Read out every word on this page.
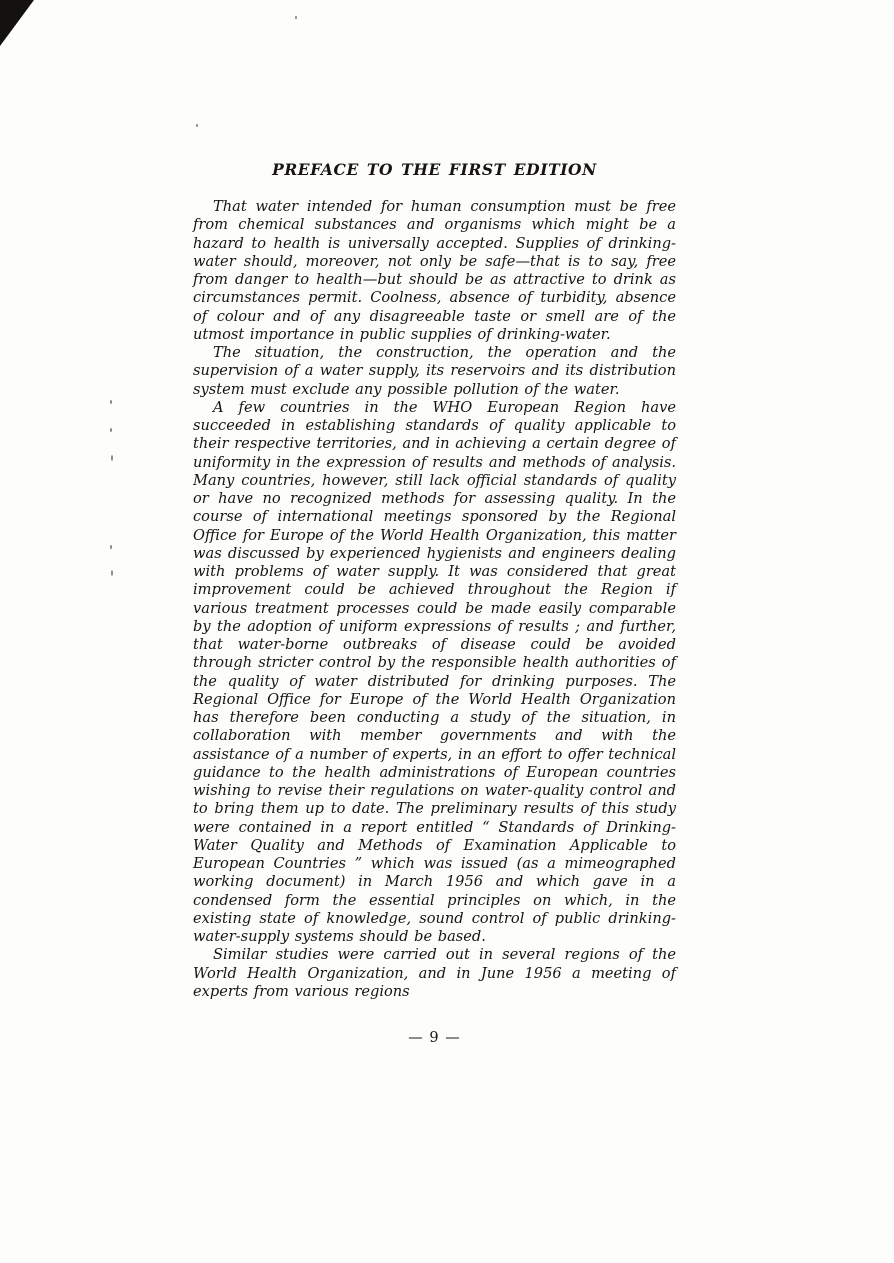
PREFACE TO THE FIRST EDITION

That water intended for human consumption must be free from chemical substances and organisms which might be a hazard to health is universally accepted. Supplies of drinking-water should, moreover, not only be safe—that is to say, free from danger to health—but should be as attractive to drink as circumstances permit. Coolness, absence of turbidity, absence of colour and of any disagreeable taste or smell are of the utmost importance in public supplies of drinking-water.

The situation, the construction, the operation and the supervision of a water supply, its reservoirs and its distribution system must exclude any possible pollution of the water.

A few countries in the WHO European Region have succeeded in establishing standards of quality applicable to their respective territories, and in achieving a certain degree of uniformity in the expression of results and methods of analysis. Many countries, however, still lack official standards of quality or have no recognized methods for assessing quality. In the course of international meetings sponsored by the Regional Office for Europe of the World Health Organization, this matter was discussed by experienced hygienists and engineers dealing with problems of water supply. It was considered that great improvement could be achieved throughout the Region if various treatment processes could be made easily comparable by the adoption of uniform expressions of results ; and further, that water-borne outbreaks of disease could be avoided through stricter control by the responsible health authorities of the quality of water distributed for drinking purposes. The Regional Office for Europe of the World Health Organization has therefore been conducting a study of the situation, in collaboration with member governments and with the assistance of a number of experts, in an effort to offer technical guidance to the health administrations of European countries wishing to revise their regulations on water-quality control and to bring them up to date. The preliminary results of this study were contained in a report entitled “ Standards of Drinking-Water Quality and Methods of Examination Applicable to European Countries ” which was issued (as a mimeographed working document) in March 1956 and which gave in a condensed form the essential principles on which, in the existing state of knowledge, sound control of public drinking-water-supply systems should be based.

Similar studies were carried out in several regions of the World Health Organization, and in June 1956 a meeting of experts from various regions

— 9 —
